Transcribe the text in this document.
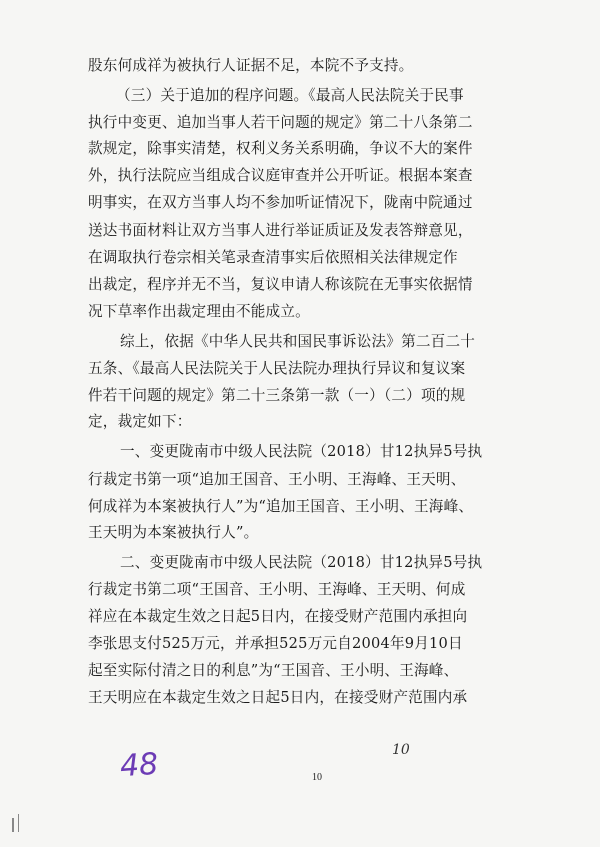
股东何成祥为被执行人证据不足，本院不予支持。
（三）关于追加的程序问题。《最高人民法院关于民事
执行中变更、追加当事人若干问题的规定》第二十八条第二
款规定，除事实清楚，权利义务关系明确，争议不大的案件
外，执行法院应当组成合议庭审查并公开听证。根据本案查
明事实，在双方当事人均不参加听证情况下，陇南中院通过
送达书面材料让双方当事人进行举证质证及发表答辩意见，
在调取执行卷宗相关笔录查清事实后依照相关法律规定作
出裁定，程序并无不当，复议申请人称该院在无事实依据情
况下草率作出裁定理由不能成立。
综上，依据《中华人民共和国民事诉讼法》第二百二十
五条、《最高人民法院关于人民法院办理执行异议和复议案
件若干问题的规定》第二十三条第一款（一）（二）项的规
定，裁定如下：
一、变更陇南市中级人民法院（2018）甘12执异5号执
行裁定书第一项“追加王国音、王小明、王海峰、王天明、
何成祥为本案被执行人”为“追加王国音、王小明、王海峰、
王天明为本案被执行人”。
二、变更陇南市中级人民法院（2018）甘12执异5号执
行裁定书第二项“王国音、王小明、王海峰、王天明、何成
祥应在本裁定生效之日起5日内，在接受财产范围内承担向
李张思支付525万元，并承担525万元自2004年9月10日
起至实际付清之日的利息”为“王国音、王小明、王海峰、
王天明应在本裁定生效之日起5日内，在接受财产范围内承
10
48	10
